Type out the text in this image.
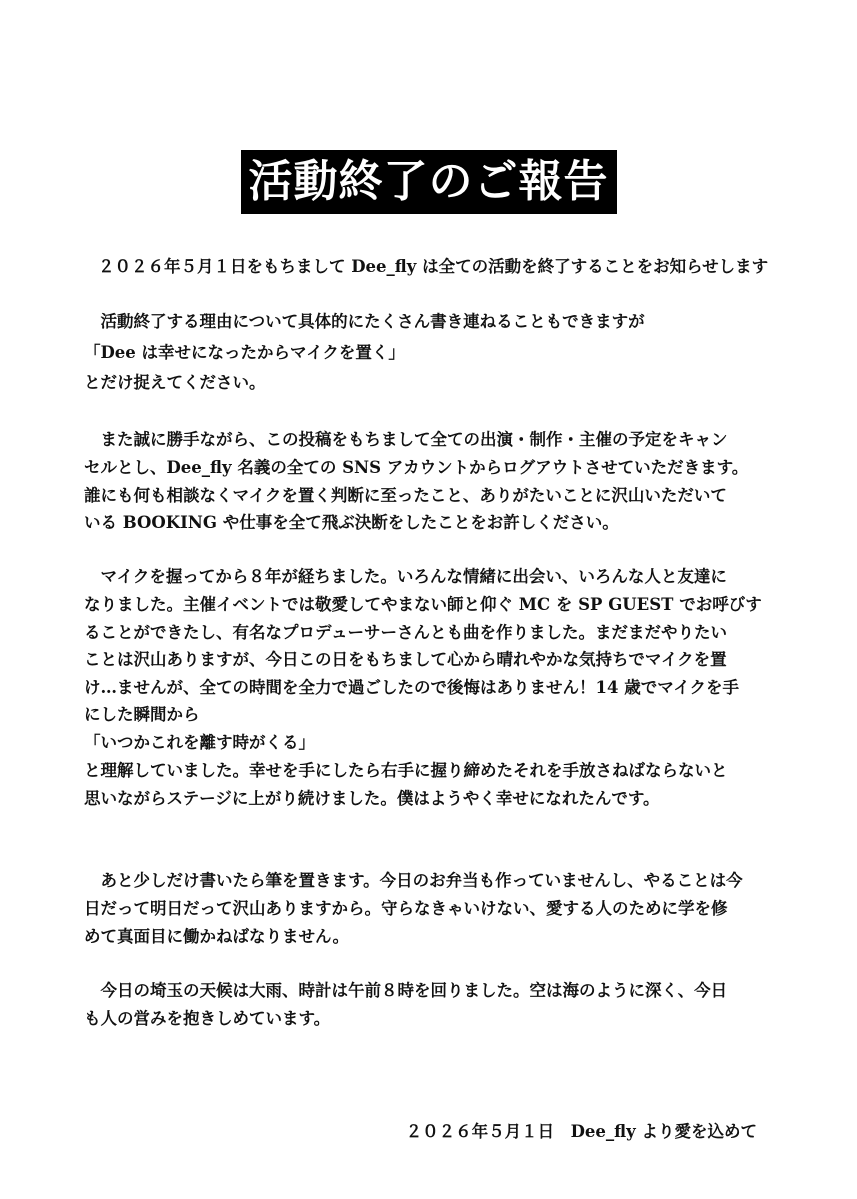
活動終了のご報告
２０２６年５月１日をもちまして Dee_fly は全ての活動を終了することをお知らせします
　活動終了する理由について具体的にたくさん書き連ねることもできますが
「Dee は幸せになったからマイクを置く」
とだけ捉えてください。
　また誠に勝手ながら、この投稿をもちまして全ての出演・制作・主催の予定をキャン
セルとし、Dee_fly 名義の全ての SNS アカウントからログアウトさせていただきます。
誰にも何も相談なくマイクを置く判断に至ったこと、ありがたいことに沢山いただいて
いる BOOKING や仕事を全て飛ぶ決断をしたことをお許しください。
　マイクを握ってから８年が経ちました。いろんな情緒に出会い、いろんな人と友達に
なりました。主催イベントでは敬愛してやまない師と仰ぐ MC を SP GUEST でお呼びす
ることができたし、有名なプロデューサーさんとも曲を作りました。まだまだやりたい
ことは沢山ありますが、今日この日をもちまして心から晴れやかな気持ちでマイクを置
け…ませんが、全ての時間を全力で過ごしたので後悔はありません！14 歳でマイクを手
にした瞬間から
「いつかこれを離す時がくる」
と理解していました。幸せを手にしたら右手に握り締めたそれを手放さねばならないと
思いながらステージに上がり続けました。僕はようやく幸せになれたんです。
　あと少しだけ書いたら筆を置きます。今日のお弁当も作っていませんし、やることは今
日だって明日だって沢山ありますから。守らなきゃいけない、愛する人のために学を修
めて真面目に働かねばなりません。
　今日の埼玉の天候は大雨、時計は午前８時を回りました。空は海のように深く、今日
も人の営みを抱きしめています。
２０２６年５月１日　Dee_fly より愛を込めて
